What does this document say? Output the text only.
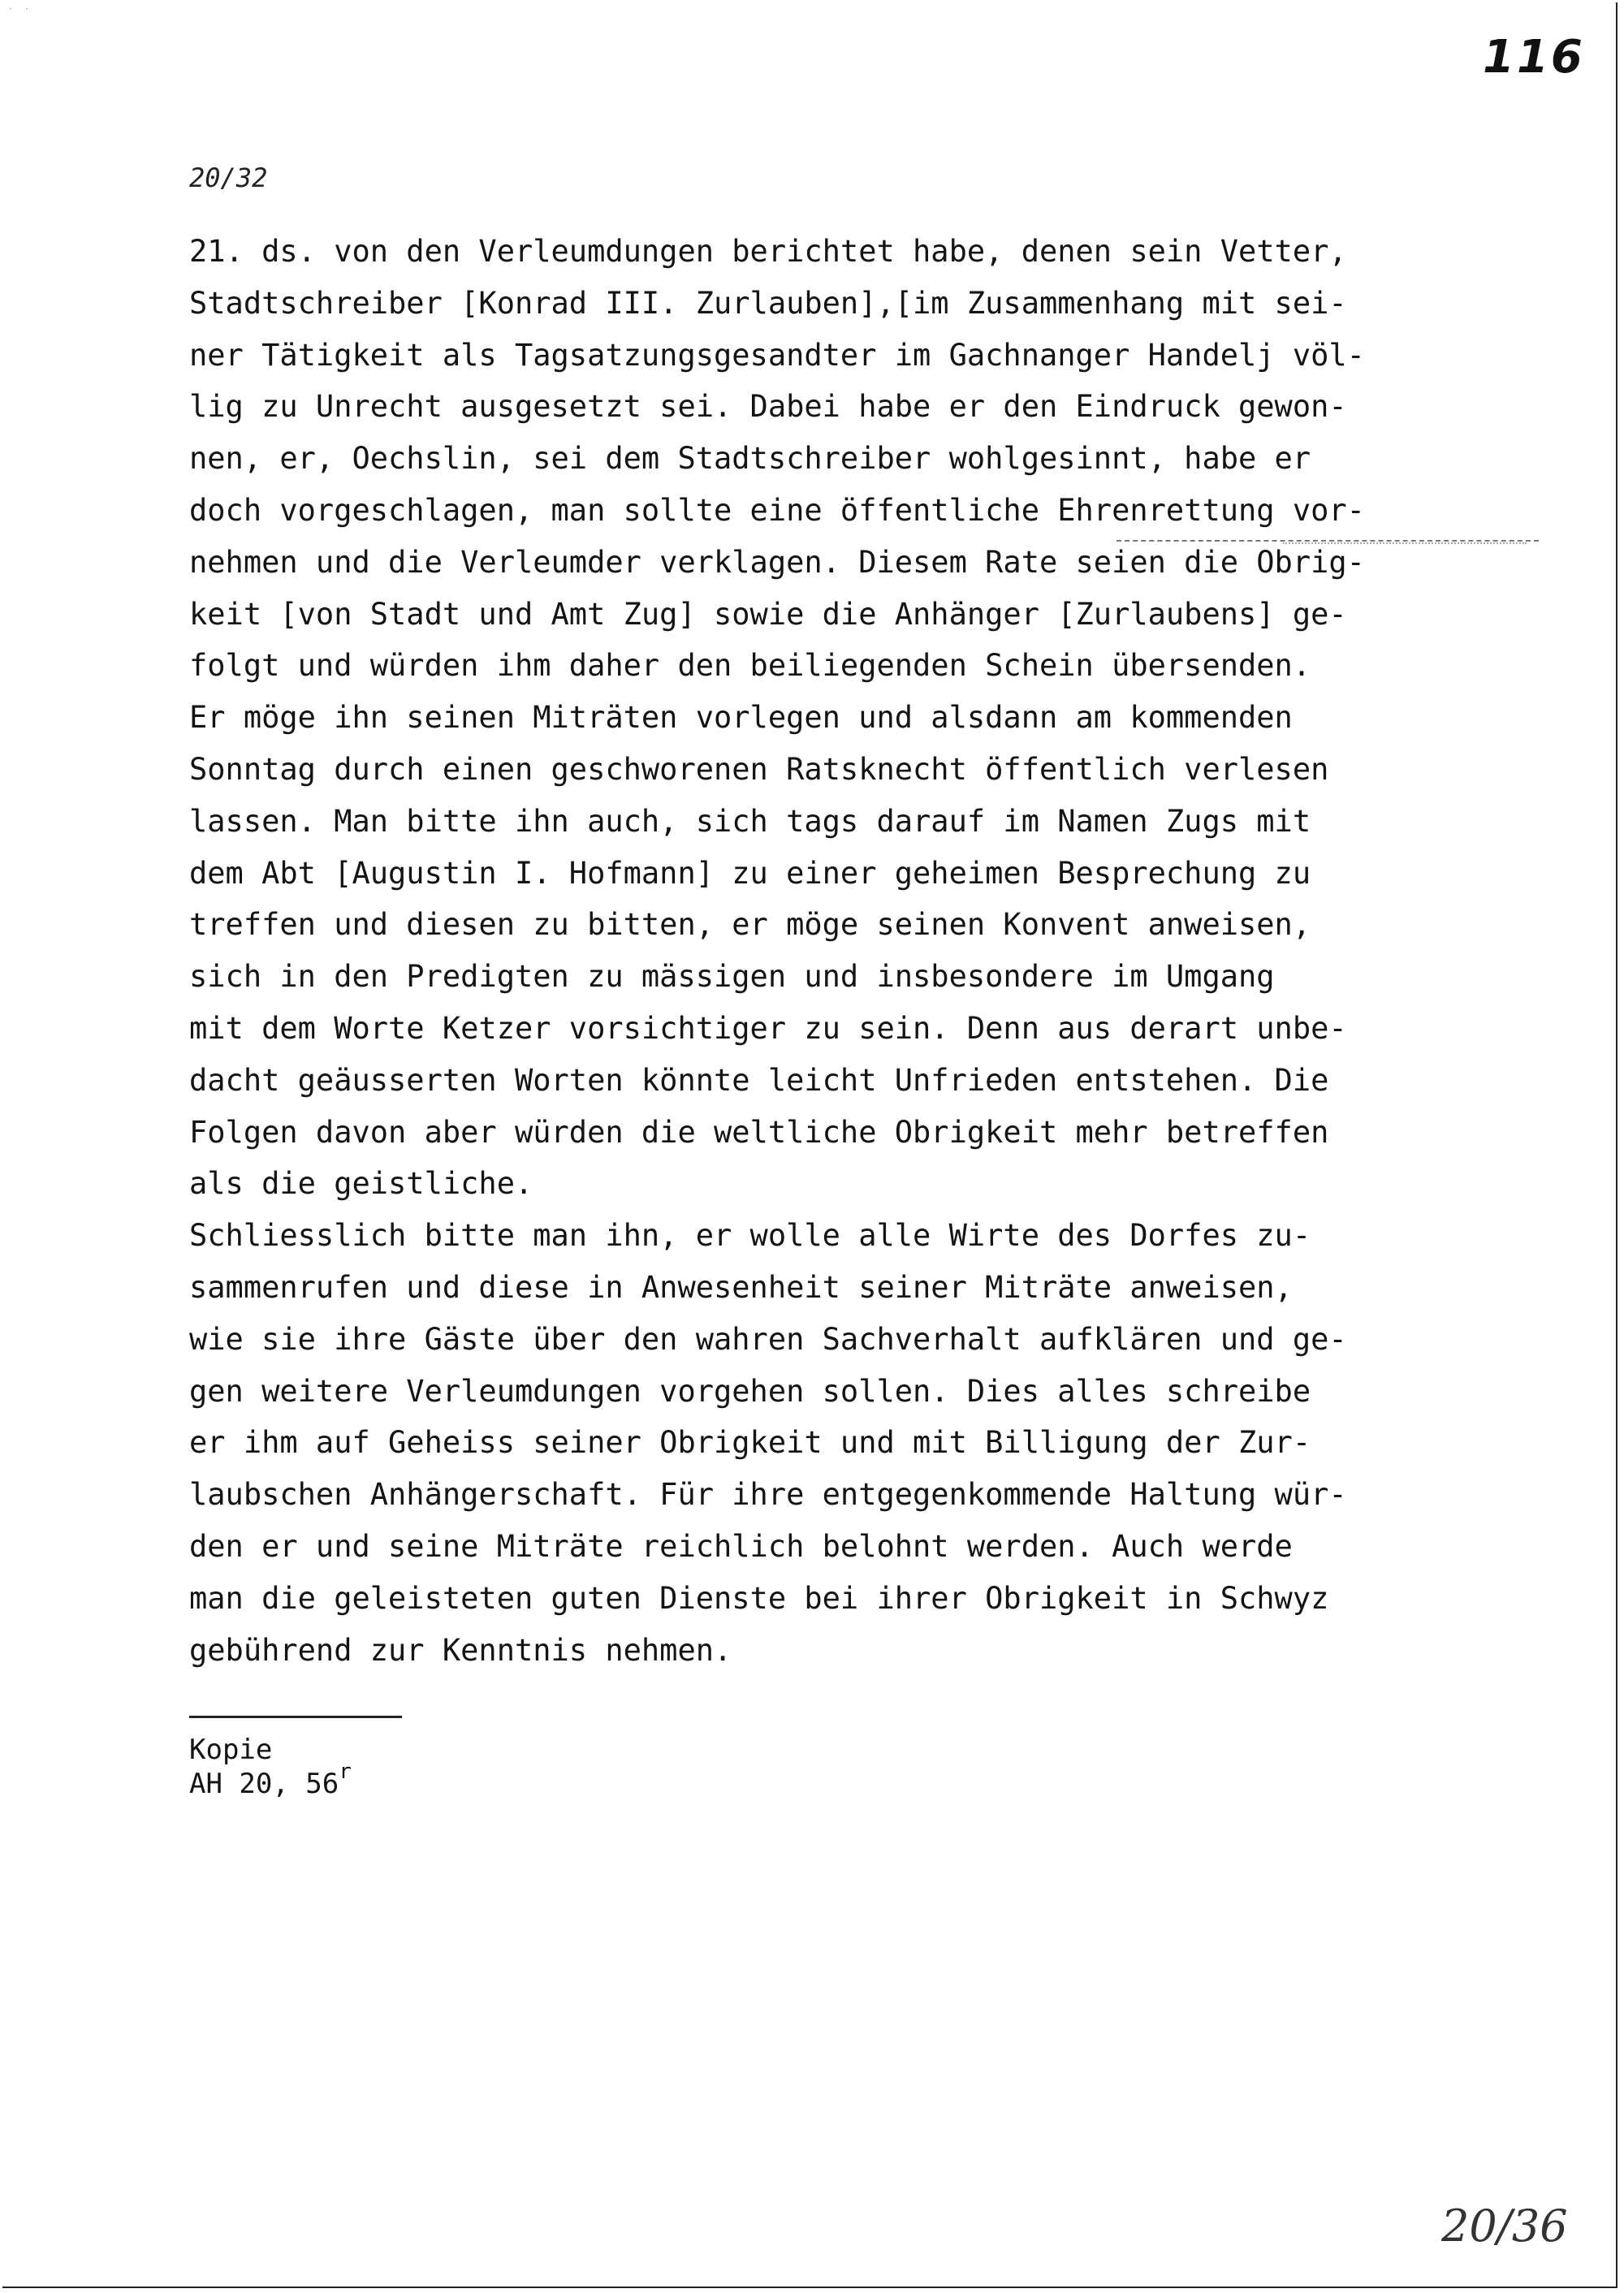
· ·
116
20/32
21. ds. von den Verleumdungen berichtet habe, denen sein Vetter,
Stadtschreiber [Konrad III. Zurlauben],[im Zusammenhang mit sei-
ner Tätigkeit als Tagsatzungsgesandter im Gachnanger Handelj völ-
lig zu Unrecht ausgesetzt sei. Dabei habe er den Eindruck gewon-
nen, er, Oechslin, sei dem Stadtschreiber wohlgesinnt, habe er
doch vorgeschlagen, man sollte eine öffentliche Ehrenrettung vor-
nehmen und die Verleumder verklagen. Diesem Rate seien die Obrig-
keit [von Stadt und Amt Zug] sowie die Anhänger [Zurlaubens] ge-
folgt und würden ihm daher den beiliegenden Schein übersenden.
Er möge ihn seinen Miträten vorlegen und alsdann am kommenden
Sonntag durch einen geschworenen Ratsknecht öffentlich verlesen
lassen. Man bitte ihn auch, sich tags darauf im Namen Zugs mit
dem Abt [Augustin I. Hofmann] zu einer geheimen Besprechung zu
treffen und diesen zu bitten, er möge seinen Konvent anweisen,
sich in den Predigten zu mässigen und insbesondere im Umgang
mit dem Worte Ketzer vorsichtiger zu sein. Denn aus derart unbe-
dacht geäusserten Worten könnte leicht Unfrieden entstehen. Die
Folgen davon aber würden die weltliche Obrigkeit mehr betreffen
als die geistliche.
Schliesslich bitte man ihn, er wolle alle Wirte des Dorfes zu-
sammenrufen und diese in Anwesenheit seiner Miträte anweisen,
wie sie ihre Gäste über den wahren Sachverhalt aufklären und ge-
gen weitere Verleumdungen vorgehen sollen. Dies alles schreibe
er ihm auf Geheiss seiner Obrigkeit und mit Billigung der Zur-
laubschen Anhängerschaft. Für ihre entgegenkommende Haltung wür-
den er und seine Miträte reichlich belohnt werden. Auch werde
man die geleisteten guten Dienste bei ihrer Obrigkeit in Schwyz
gebührend zur Kenntnis nehmen.
Kopie
AH 20, 56$^r$
20/36
